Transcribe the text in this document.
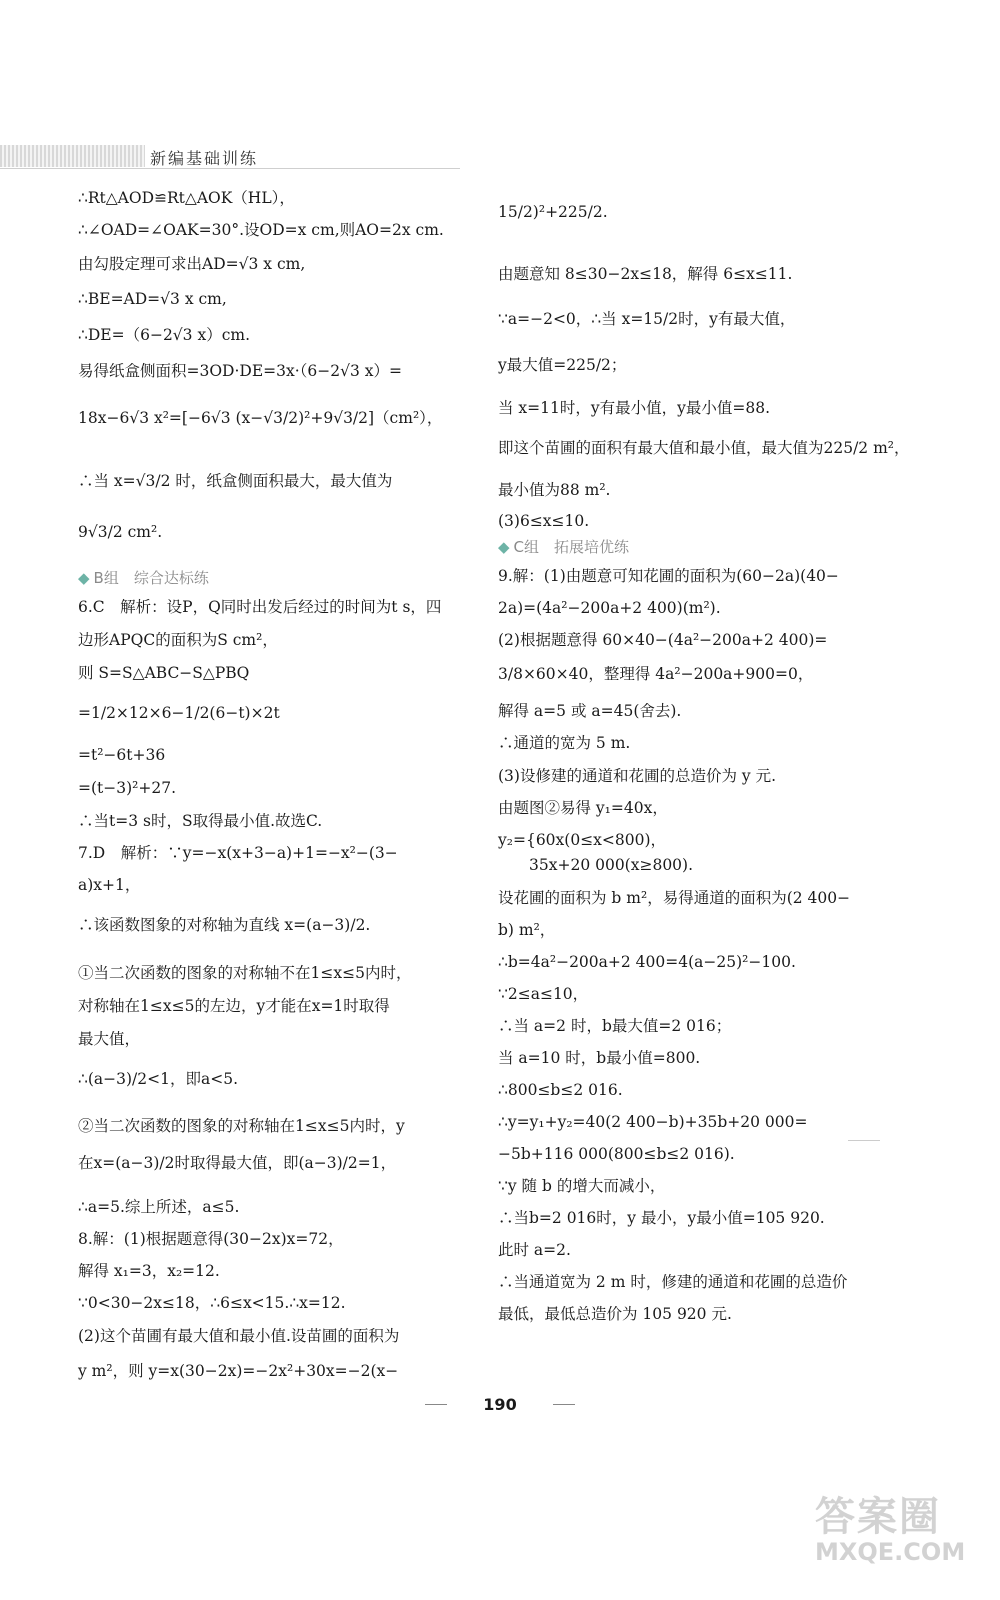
新编基础训练
∴Rt△AOD≌Rt△AOK（HL），
∴∠OAD=∠OAK=30°.设OD=x cm,则AO=2x cm.
由勾股定理可求出AD=√3 x cm,
∴BE=AD=√3 x cm,
∴DE=（6−2√3 x）cm.
易得纸盒侧面积=3OD·DE=3x·（6−2√3 x）=
18x−6√3 x²=[−6√3 (x−√3/2)²+9√3/2]（cm²），
∴当 x=√3/2 时，纸盒侧面积最大，最大值为
9√3/2 cm².
◆ B组　综合达标练
6.C　解析：设P，Q同时出发后经过的时间为t s，四
边形APQC的面积为S cm²，
则 S=S△ABC−S△PBQ
=1/2×12×6−1/2(6−t)×2t
=t²−6t+36
=(t−3)²+27.
∴当t=3 s时，S取得最小值.故选C.
7.D　解析：∵y=−x(x+3−a)+1=−x²−(3−
a)x+1，
∴该函数图象的对称轴为直线 x=(a−3)/2.
①当二次函数的图象的对称轴不在1≤x≤5内时，
对称轴在1≤x≤5的左边，y才能在x=1时取得
最大值，
∴(a−3)/2<1，即a<5.
②当二次函数的图象的对称轴在1≤x≤5内时，y
在x=(a−3)/2时取得最大值，即(a−3)/2=1，
∴a=5.综上所述，a≤5.
8.解：(1)根据题意得(30−2x)x=72，
解得 x₁=3，x₂=12.
∵0<30−2x≤18，∴6≤x<15.∴x=12.
(2)这个苗圃有最大值和最小值.设苗圃的面积为
y m²，则 y=x(30−2x)=−2x²+30x=−2(x−
15/2)²+225/2.
由题意知 8≤30−2x≤18，解得 6≤x≤11.
∵a=−2<0，∴当 x=15/2时，y有最大值，
y最大值=225/2；
当 x=11时，y有最小值，y最小值=88.
即这个苗圃的面积有最大值和最小值，最大值为225/2 m²，
最小值为88 m².
(3)6≤x≤10.
◆ C组　拓展培优练
9.解：(1)由题意可知花圃的面积为(60−2a)(40−
2a)=(4a²−200a+2 400)(m²).
(2)根据题意得 60×40−(4a²−200a+2 400)=
3/8×60×40，整理得 4a²−200a+900=0，
解得 a=5 或 a=45(舍去).
∴通道的宽为 5 m.
(3)设修建的通道和花圃的总造价为 y 元.
由题图②易得 y₁=40x，
y₂={60x(0≤x<800)，
　　35x+20 000(x≥800).
设花圃的面积为 b m²，易得通道的面积为(2 400−
b) m²，
∴b=4a²−200a+2 400=4(a−25)²−100.
∵2≤a≤10，
∴当 a=2 时，b最大值=2 016；
当 a=10 时，b最小值=800.
∴800≤b≤2 016.
∴y=y₁+y₂=40(2 400−b)+35b+20 000=
−5b+116 000(800≤b≤2 016).
∵y 随 b 的增大而减小，
∴当b=2 016时，y 最小，y最小值=105 920.
此时 a=2.
∴当通道宽为 2 m 时，修建的通道和花圃的总造价
最低，最低总造价为 105 920 元.
190
答案圈
MXQE.COM
